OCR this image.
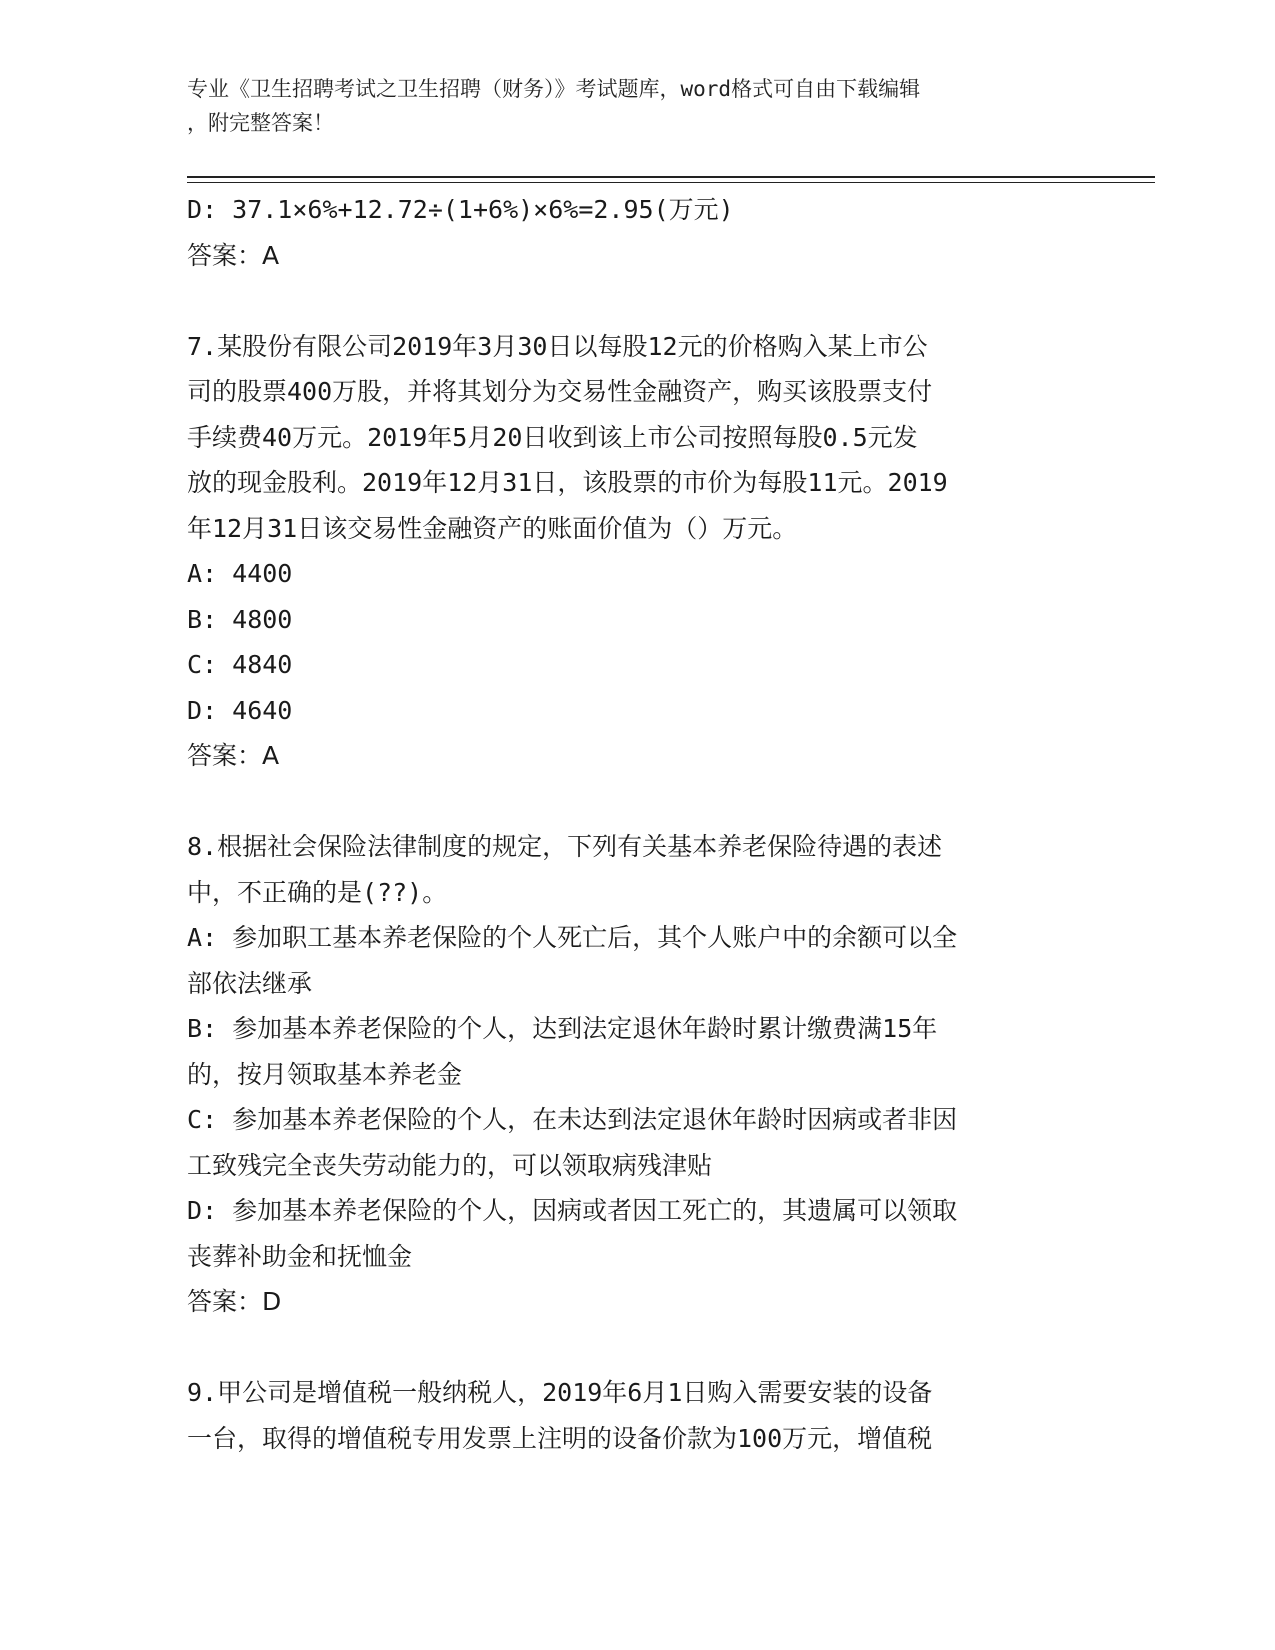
专业《卫生招聘考试之卫生招聘（财务）》考试题库，word格式可自由下载编辑
，附完整答案！
D: 37.1×6%+12.72÷(1+6%)×6%=2.95(万元)
答案：A
7.某股份有限公司2019年3月30日以每股12元的价格购入某上市公
司的股票400万股，并将其划分为交易性金融资产，购买该股票支付
手续费40万元。2019年5月20日收到该上市公司按照每股0.5元发
放的现金股利。2019年12月31日，该股票的市价为每股11元。2019
年12月31日该交易性金融资产的账面价值为（）万元。
A: 4400
B: 4800
C: 4840
D: 4640
答案：A
8.根据社会保险法律制度的规定，下列有关基本养老保险待遇的表述
中，不正确的是(??)。
A: 参加职工基本养老保险的个人死亡后，其个人账户中的余额可以全
部依法继承
B: 参加基本养老保险的个人，达到法定退休年龄时累计缴费满15年
的，按月领取基本养老金
C: 参加基本养老保险的个人，在未达到法定退休年龄时因病或者非因
工致残完全丧失劳动能力的，可以领取病残津贴
D: 参加基本养老保险的个人，因病或者因工死亡的，其遗属可以领取
丧葬补助金和抚恤金
答案：D
9.甲公司是增值税一般纳税人，2019年6月1日购入需要安装的设备
一台，取得的增值税专用发票上注明的设备价款为100万元，增值税
